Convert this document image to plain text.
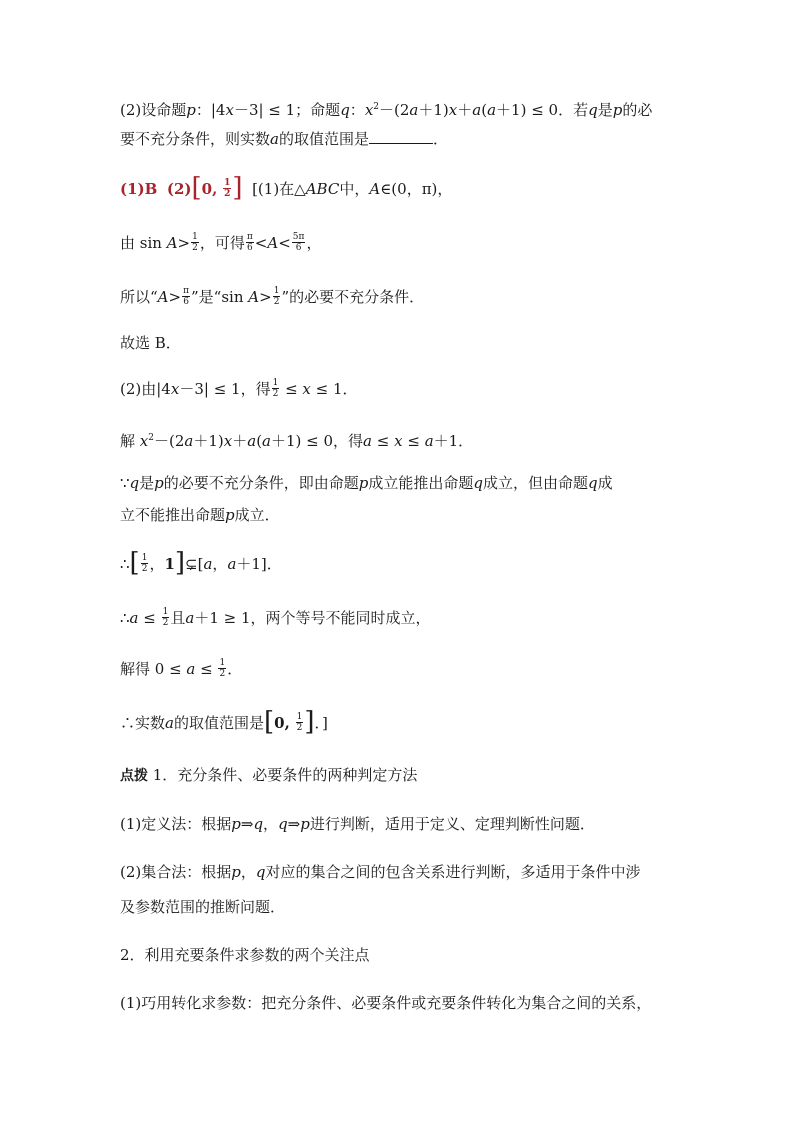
(2)设命题p：|4x－3| ≤ 1；命题q：$x^2-(2a+1)x+a(a+1) \le 0$．若q是p的必
要不充分条件，则实数a的取值范围是	．
(1)B (2)[0, $\frac{1}{2}$ ] [(1)在△ABC中，A∈(0，π)，
由 $\sin A> \frac{1}{2}$ ，可得 $\frac{\pi}{6} <A< \frac{5\pi}{6}$ ，
所以“$A> \frac{\pi}{6}$ ”是“sin $A> \frac{1}{2}$ ”的必要不充分条件．
故选 B．
(2)由|4x－3| ≤ 1，得 $\frac{1}{2} \le x \le 1$．
解 $x^2-(2a+1)x+a(a+1) \le 0$，得a ≤ x ≤ a＋1．
∵q是p的必要不充分条件，即由命题p成立能推出命题q成立，但由命题q成
立不能推出命题p成立．
∴[ $\frac{1}{2}$ ，1]⊊[a，a＋1]．
∴a ≤ $\frac{1}{2}$ 且a＋1 ≥ 1，两个等号不能同时成立，
解得 $0 \le a \le \frac{1}{2}$ ．
∴实数a的取值范围是[0, $\frac{1}{2}$ ]．]
点拨 1．充分条件、必要条件的两种判定方法
(1)定义法：根据p⇒q，q⇒p进行判断，适用于定义、定理判断性问题．
(2)集合法：根据p，q对应的集合之间的包含关系进行判断，多适用于条件中涉
及参数范围的推断问题．
2．利用充要条件求参数的两个关注点
(1)巧用转化求参数：把充分条件、必要条件或充要条件转化为集合之间的关系，
